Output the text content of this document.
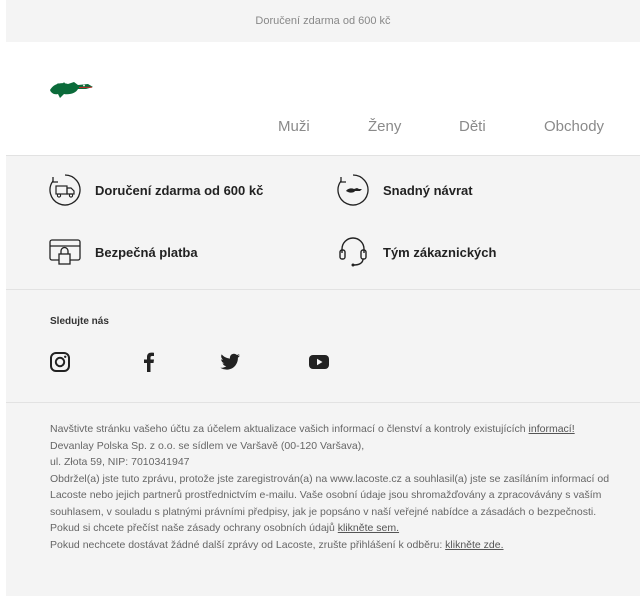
Doručení zdarma od 600 kč
Muži	Ženy	Děti	Obchody
Doručení zdarma od 600 kč	Snadný návrat
Bezpečná platba	Tým zákaznických
Sledujte nás

Navštivte stránku vašeho účtu za účelem aktualizace vašich informací o členství a kontroly existujících informací!

Devanlay Polska Sp. z o.o. se sídlem ve Varšavě (00-120 Varšava),

ul. Złota 59, NIP: 7010341947

Obdržel(a) jste tuto zprávu, protože jste zaregistrován(a) na www.lacoste.cz a souhlasil(a) jste se zasíláním informací od Lacoste nebo jejich partnerů prostřednictvím e-mailu. Vaše osobní údaje jsou shromažďovány a zpracovávány s vaším souhlasem, v souladu s platnými právními předpisy, jak je popsáno v naší veřejné nabídce a zásadách o bezpečnosti.

Pokud si chcete přečíst naše zásady ochrany osobních údajů klikněte sem.

Pokud nechcete dostávat žádné další zprávy od Lacoste, zrušte přihlášení k odběru: klikněte zde.
